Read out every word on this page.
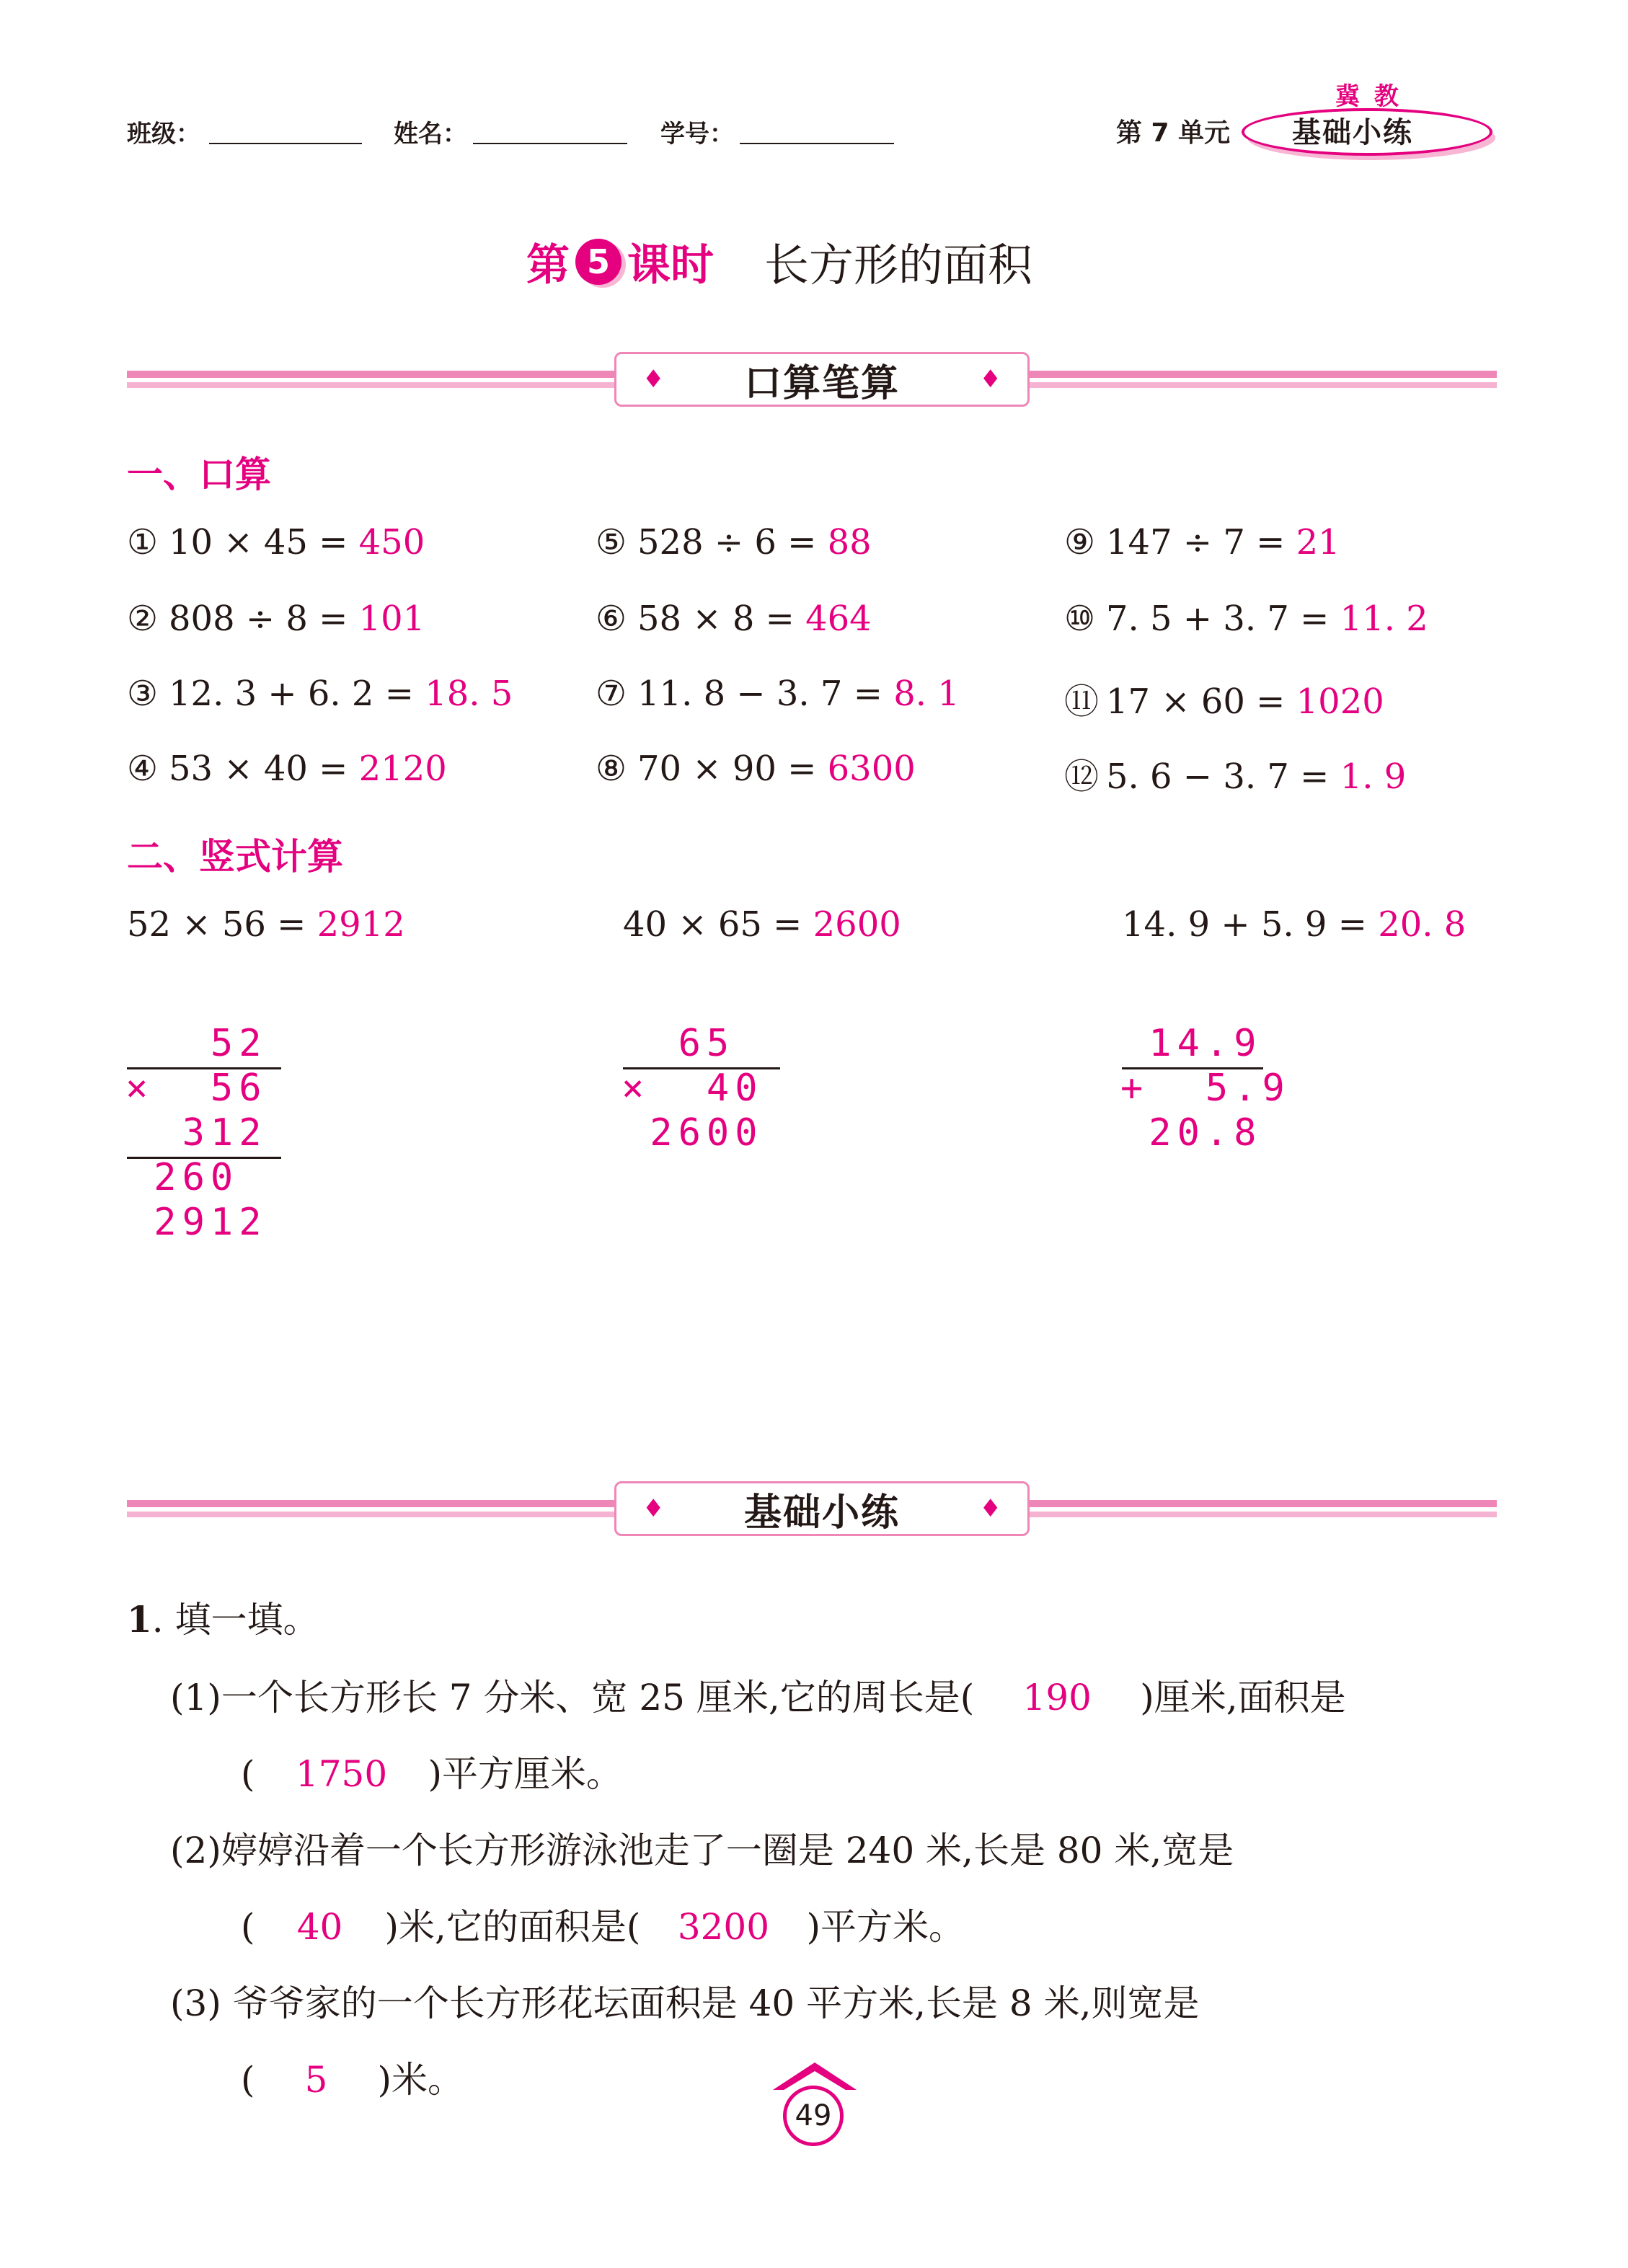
班级：	姓名：	学号：	第 7 单元
冀 教
基础小练
第 5 课时 长方形的面积
♦ 口算笔算	♦
一、口算
① 10 × 45 = 450
② 808 ÷ 8 = 101
③ 12. 3 + 6. 2 = 18. 5
④ 53 × 40 = 2120
⑤ 528 ÷ 6 = 88
⑥ 58 × 8 = 464
⑦ 11. 8 − 3. 7 = 8. 1
⑧ 70 × 90 = 6300
⑨ 147 ÷ 7 = 21
⑩ 7. 5 + 3. 7 = 11. 2
⑪ 17 × 60 = 1020
⑫ 5. 6 − 3. 7 = 1. 9
二、竖式计算
52 × 56 = 2912	40 × 65 = 2600	14. 9 + 5. 9 = 20. 8

52
×  56
312
260
2912

65
×  40
2600

14.9
+  5.9
20.8

♦ 基础小练	♦
1. 填一填。
(1)一个长方形长 7 分米、宽 25 厘米,它的周长是( 190 )厘米,面积是
( 1750 )平方厘米。
(2)婷婷沿着一个长方形游泳池走了一圈是 240 米,长是 80 米,宽是
( 40 )米,它的面积是( 3200 )平方米。
(3) 爷爷家的一个长方形花坛面积是 40 平方米,长是 8 米,则宽是
( 5 )米。
49
